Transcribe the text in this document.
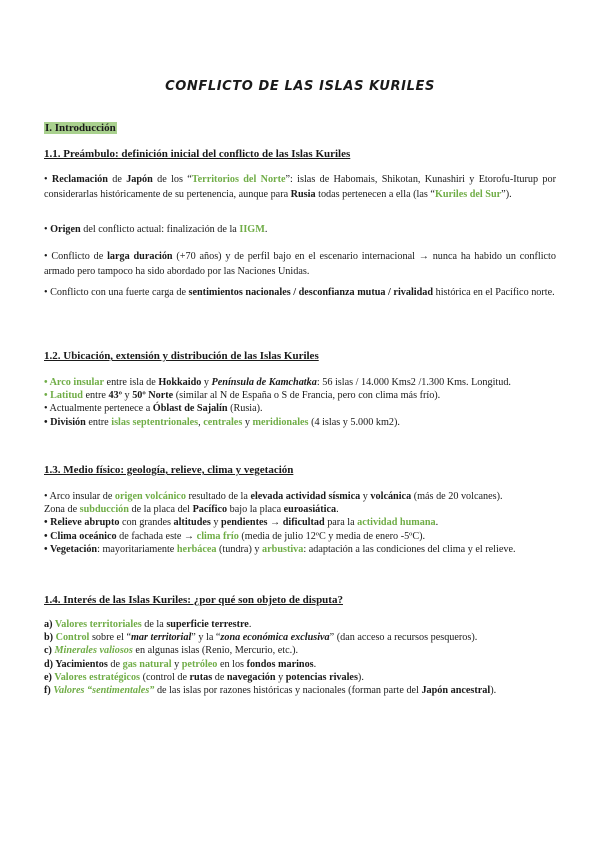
CONFLICTO DE LAS ISLAS KURILES
I. Introducción
1.1. Preámbulo: definición inicial del conflicto de las Islas Kuriles
• Reclamación de Japón de los “Territorios del Norte”: islas de Habomais, Shikotan, Kunashiri y Etorofu-Iturup por considerarlas históricamente de su pertenencia, aunque para Rusia todas pertenecen a ella (las “Kuriles del Sur”).
• Origen del conflicto actual: finalización de la IIGM.
• Conflicto de larga duración (+70 años) y de perfil bajo en el escenario internacional → nunca ha habido un conflicto armado pero tampoco ha sido abordado por las Naciones Unidas.
• Conflicto con una fuerte carga de sentimientos nacionales / desconfianza mutua / rivalidad histórica en el Pacífico norte.
1.2. Ubicación, extensión y distribución de las Islas Kuriles
• Arco insular entre isla de Hokkaido y Península de Kamchatka: 56 islas / 14.000 Kms2 /1.300 Kms. Longitud.
• Latitud entre 43º y 50º Norte (similar al N de España o S de Francia, pero con clima más frío).
• Actualmente pertenece a Óblast de Sajalín (Rusia).
• División entre islas septentrionales, centrales y meridionales (4 islas y 5.000 km2).
1.3. Medio físico: geología, relieve, clima y vegetación
• Arco insular de origen volcánico resultado de la elevada actividad sísmica y volcánica (más de 20 volcanes).
Zona de subducción de la placa del Pacífico bajo la placa euroasiática.
• Relieve abrupto con grandes altitudes y pendientes → dificultad para la actividad humana.
• Clima oceánico de fachada este → clima frío (media de julio 12ºC y media de enero -5ºC).
• Vegetación: mayoritariamente herbácea (tundra) y arbustiva: adaptación a las condiciones del clima y el relieve.
1.4. Interés de las Islas Kuriles: ¿por qué son objeto de disputa?
a) Valores territoriales de la superficie terrestre.
b) Control sobre el “mar territorial” y la “zona económica exclusiva” (dan acceso a recursos pesqueros).
c) Minerales valiosos en algunas islas (Renio, Mercurio, etc.).
d) Yacimientos de gas natural y petróleo en los fondos marinos.
e) Valores estratégicos (control de rutas de navegación y potencias rivales).
f) Valores “sentimentales” de las islas por razones históricas y nacionales (forman parte del Japón ancestral).
